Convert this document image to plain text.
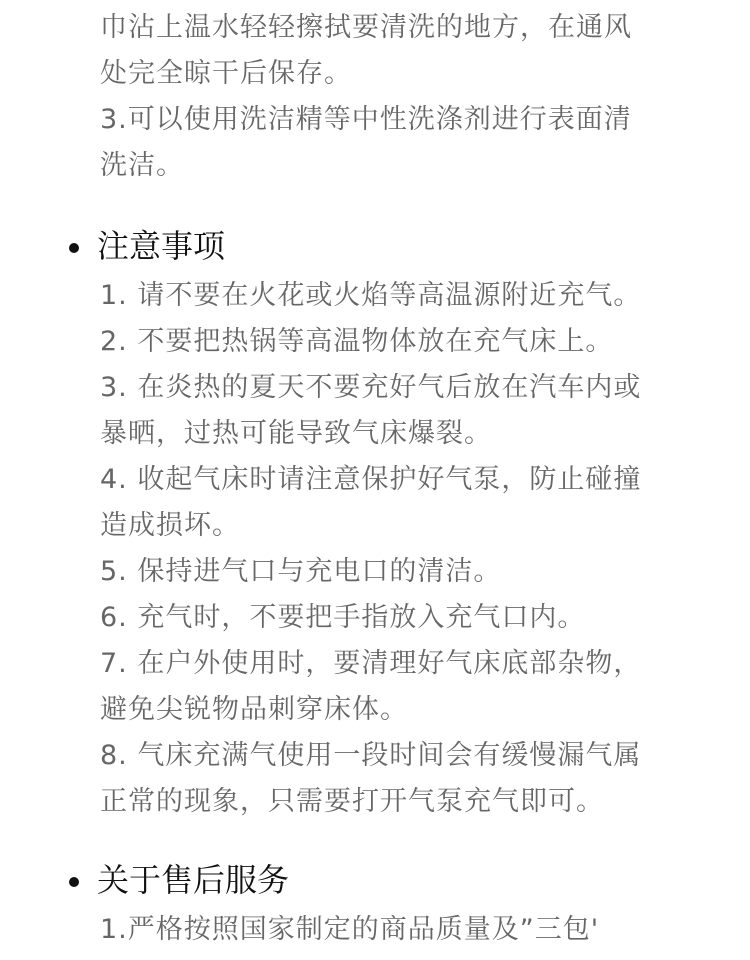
巾沾上温水轻轻擦拭要清洗的地方，在通风
处完全晾干后保存。
3.可以使用洗洁精等中性洗涤剂进行表面清
洗洁。
注意事项
1. 请不要在火花或火焰等高温源附近充气。
2. 不要把热锅等高温物体放在充气床上。
3. 在炎热的夏天不要充好气后放在汽车内或
暴晒，过热可能导致气床爆裂。
4. 收起气床时请注意保护好气泵，防止碰撞
造成损坏。
5. 保持进气口与充电口的清洁。
6. 充气时，不要把手指放入充气口内。
7. 在户外使用时，要清理好气床底部杂物，
避免尖锐物品刺穿床体。
8. 气床充满气使用一段时间会有缓慢漏气属
正常的现象，只需要打开气泵充气即可。
关于售后服务
1.严格按照国家制定的商品质量及”三包'
